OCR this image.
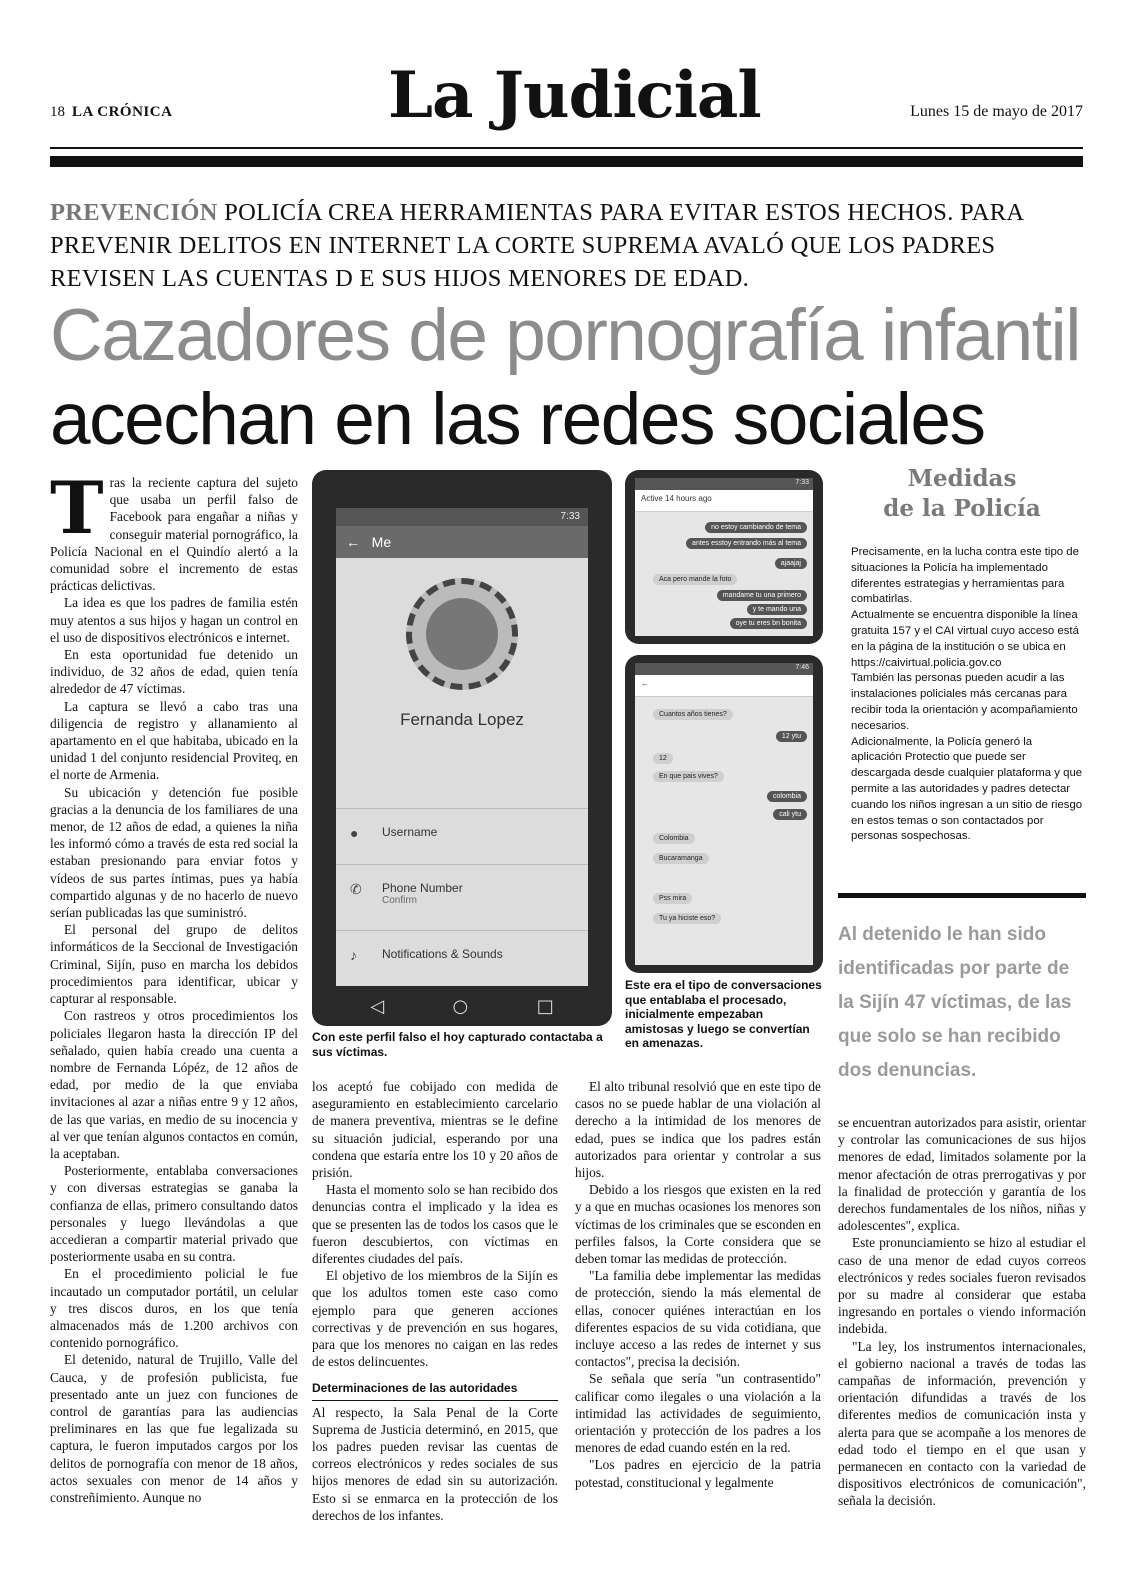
18 LA CRÓNICA	La Judicial	Lunes 15 de mayo de 2017
PREVENCIÓN POLICÍA CREA HERRAMIENTAS PARA EVITAR ESTOS HECHOS. PARA PREVENIR DELITOS EN INTERNET LA CORTE SUPREMA AVALÓ QUE LOS PADRES REVISEN LAS CUENTAS D E SUS HIJOS MENORES DE EDAD.
Cazadores de pornografía infantil
acechan en las redes sociales

Tras la reciente captura del sujeto que usaba un perfil falso de Facebook para engañar a niñas y conseguir material pornográfico, la Policía Nacional en el Quindío alertó a la comunidad sobre el incremento de estas prácticas delictivas.

La idea es que los padres de familia estén muy atentos a sus hijos y hagan un control en el uso de dispositivos electrónicos e internet.

En esta oportunidad fue detenido un individuo, de 32 años de edad, quien tenía alrededor de 47 víctimas.

La captura se llevó a cabo tras una diligencia de registro y allanamiento al apartamento en el que habitaba, ubicado en la unidad 1 del conjunto residencial Proviteq, en el norte de Armenia.

Su ubicación y detención fue posible gracias a la denuncia de los familiares de una menor, de 12 años de edad, a quienes la niña les informó cómo a través de esta red social la estaban presionando para enviar fotos y vídeos de sus partes íntimas, pues ya había compartido algunas y de no hacerlo de nuevo serían publicadas las que suministró.

El personal del grupo de delitos informáticos de la Seccional de Investigación Criminal, Sijín, puso en marcha los debidos procedimientos para identificar, ubicar y capturar al responsable.

Con rastreos y otros procedimientos los policiales llegaron hasta la dirección IP del señalado, quien había creado una cuenta a nombre de Fernanda Lópéz, de 12 años de edad, por medio de la que enviaba invitaciones al azar a niñas entre 9 y 12 años, de las que varias, en medio de su inocencia y al ver que tenían algunos contactos en común, la aceptaban.

Posteriormente, entablaba conversaciones y con diversas estrategias se ganaba la confianza de ellas, primero consultando datos personales y luego llevándolas a que accedieran a compartir material privado que posteriormente usaba en su contra.

En el procedimiento policial le fue incautado un computador portátil, un celular y tres discos duros, en los que tenía almacenados más de 1.200 archivos con contenido pornográfico.

El detenido, natural de Trujillo, Valle del Cauca, y de profesión publicista, fue presentado ante un juez con funciones de control de garantías para las audiencias preliminares en las que fue legalizada su captura, le fueron imputados cargos por los delitos de pornografía con menor de 18 años, actos sexuales con menor de 14 años y constreñimiento. Aunque no

7:33
← Me
Fernanda Lopez
● Username
✆ Phone Number
Confirm
♪ Notifications & Sounds
◁	○	□
Con este perfil falso el hoy capturado contactaba a sus víctimas.
7:33
Active 14 hours ago
no estoy cambiando de tema
antes esstoy entrando más al tema
ajaajaj
Aca pero mande la foto
mandame tu una primero
y te mando una
oye tu eres bn bonita
7:46
←
Cuantos años tienes?
12 ytu
12
En que pais vives?
colombia
cali ytu
Colombia
Bucaramanga
Pss mira
Tu ya hiciste eso?
Este era el tipo de conversaciones que entablaba el procesado, inicialmente empezaban amistosas y luego se convertían en amenazas.

los aceptó fue cobijado con medida de aseguramiento en establecimiento carcelario de manera preventiva, mientras se le define su situación judicial, esperando por una condena que estaría entre los 10 y 20 años de prisión.

Hasta el momento solo se han recibido dos denuncias contra el implicado y la idea es que se presenten las de todos los casos que le fueron descubiertos, con víctimas en diferentes ciudades del país.

El objetivo de los miembros de la Sijín es que los adultos tomen este caso como ejemplo para que generen acciones correctivas y de prevención en sus hogares, para que los menores no caigan en las redes de estos delincuentes.

Determinaciones de las autoridades

Al respecto, la Sala Penal de la Corte Suprema de Justicia determinó, en 2015, que los padres pueden revisar las cuentas de correos electrónicos y redes sociales de sus hijos menores de edad sin su autorización. Esto si se enmarca en la protección de los derechos de los infantes.

El alto tribunal resolvió que en este tipo de casos no se puede hablar de una violación al derecho a la intimidad de los menores de edad, pues se indica que los padres están autorizados para orientar y controlar a sus hijos.

Debido a los riesgos que existen en la red y a que en muchas ocasiones los menores son víctimas de los criminales que se esconden en perfiles falsos, la Corte considera que se deben tomar las medidas de protección.

"La familia debe implementar las medidas de protección, siendo la más elemental de ellas, conocer quiénes interactúan en los diferentes espacios de su vida cotidiana, que incluye acceso a las redes de internet y sus contactos", precisa la decisión.

Se señala que sería "un contrasentido" calificar como ilegales o una violación a la intimidad las actividades de seguimiento, orientación y protección de los padres a los menores de edad cuando estén en la red.

"Los padres en ejercicio de la patria potestad, constitucional y legalmente

Medidas
de la Policía

Precisamente, en la lucha contra este tipo de situaciones la Policía ha implementado diferentes estrategias y herramientas para combatirlas.

Actualmente se encuentra disponible la línea gratuita 157 y el CAI virtual cuyo acceso está en la página de la institución o se ubica en https://caivirtual.policia.gov.co

También las personas pueden acudir a las instalaciones policiales más cercanas para recibir toda la orientación y acompañamiento necesarios.

Adicionalmente, la Policía generó la aplicación Protectio que puede ser descargada desde cualquier plataforma y que permite a las autoridades y padres detectar cuando los niños ingresan a un sitio de riesgo en estos temas o son contactados por personas sospechosas.

Al detenido le han sido identificadas por parte de la Sijín 47 víctimas, de las que solo se han recibido dos denuncias.

se encuentran autorizados para asistir, orientar y controlar las comunicaciones de sus hijos menores de edad, limitados solamente por la menor afectación de otras prerrogativas y por la finalidad de protección y garantía de los derechos fundamentales de los niños, niñas y adolescentes", explica.

Este pronunciamiento se hizo al estudiar el caso de una menor de edad cuyos correos electrónicos y redes sociales fueron revisados por su madre al considerar que estaba ingresando en portales o viendo información indebida.

"La ley, los instrumentos internacionales, el gobierno nacional a través de todas las campañas de información, prevención y orientación difundidas a través de los diferentes medios de comunicación insta y alerta para que se acompañe a los menores de edad todo el tiempo en el que usan y permanecen en contacto con la variedad de dispositivos electrónicos de comunicación", señala la decisión.
